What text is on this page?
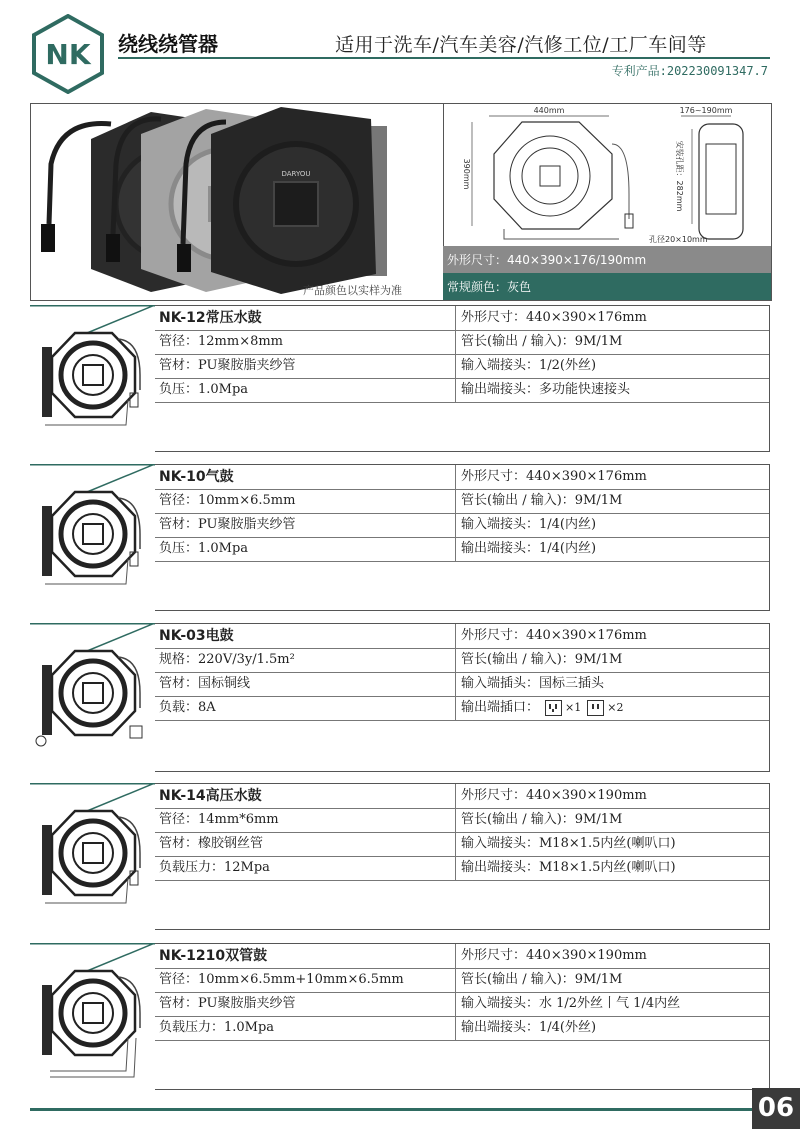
NK 绕线绕管器	适用于洗车/汽车美容/汽修工位/工厂车间等
专利产品:202230091347.7
DARYOU
产品颜色以实样为准
440mm
390mm
176~190mm
安装孔距：282mm
孔径20×10mm
外形尺寸：440×390×176/190mm
常规颜色：灰色
NK-12常压水鼓	外形尺寸：440×390×176mm
管径：12mm×8mm	管长(输出 / 输入)：9M/1M
管材：PU聚胺脂夹纱管	输入端接头：1/2(外丝)
负压：1.0Mpa	输出端接头：多功能快速接头
NK-10气鼓	外形尺寸：440×390×176mm
管径：10mm×6.5mm	管长(输出 / 输入)：9M/1M
管材：PU聚胺脂夹纱管	输入端接头：1/4(内丝)
负压：1.0Mpa	输出端接头：1/4(内丝)
NK-03电鼓	外形尺寸：440×390×176mm
规格：220V/3y/1.5m²	管长(输出 / 输入)：9M/1M
管材：国标铜线	输入端插头：国标三插头
负载：8A	输出端插口： ×1 ×2
NK-14高压水鼓	外形尺寸：440×390×190mm
管径：14mm*6mm	管长(输出 / 输入)：9M/1M
管材：橡胶钢丝管	输入端接头：M18×1.5内丝(喇叭口)
负载压力：12Mpa	输出端接头：M18×1.5内丝(喇叭口)
NK-1210双管鼓	外形尺寸：440×390×190mm
管径：10mm×6.5mm+10mm×6.5mm	管长(输出 / 输入)：9M/1M
管材：PU聚胺脂夹纱管	输入端接头：水 1/2外丝丨气 1/4内丝
负载压力：1.0Mpa	输出端接头：1/4(外丝)
06
